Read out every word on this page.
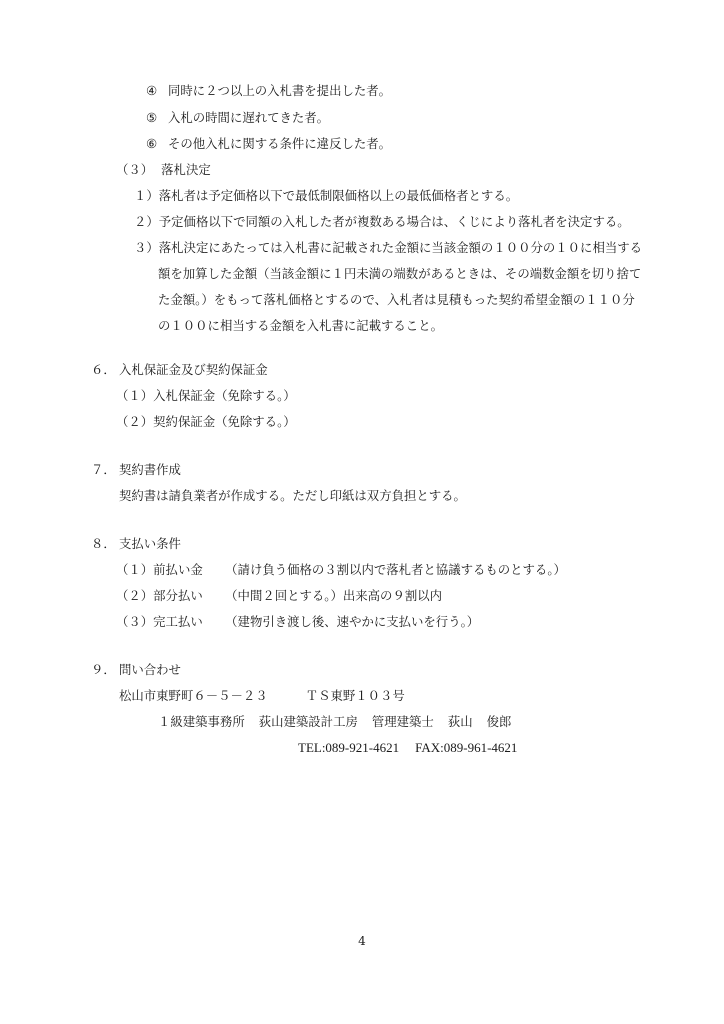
④ 同時に２つ以上の入札書を提出した者。
⑤ 入札の時間に遅れてきた者。
⑥ その他入札に関する条件に違反した者。
（３） 落札決定
１）落札者は予定価格以下で最低制限価格以上の最低価格者とする。
２）予定価格以下で同額の入札した者が複数ある場合は、くじにより落札者を決定する。
３）落札決定にあたっては入札書に記載された金額に当該金額の１００分の１０に相当する
額を加算した金額（当該金額に１円未満の端数があるときは、その端数金額を切り捨て
た金額。）をもって落札価格とするので、入札者は見積もった契約希望金額の１１０分
の１００に相当する金額を入札書に記載すること。
６． 入札保証金及び契約保証金
（１）入札保証金（免除する。）
（２）契約保証金（免除する。）
７． 契約書作成
契約書は請負業者が作成する。ただし印紙は双方負担とする。
８． 支払い条件
（１）前払い金 （請け負う価格の３割以内で落札者と協議するものとする。）
（２）部分払い （中間２回とする。）出来高の９割以内
（３）完工払い （建物引き渡し後、速やかに支払いを行う。）
９． 問い合わせ
松山市東野町６－５－２３	ＴＳ東野１０３号
１級建築事務所 荻山建築設計工房 管理建築士 荻山 俊郎
TEL:089-921-4621 FAX:089-961-4621
4
